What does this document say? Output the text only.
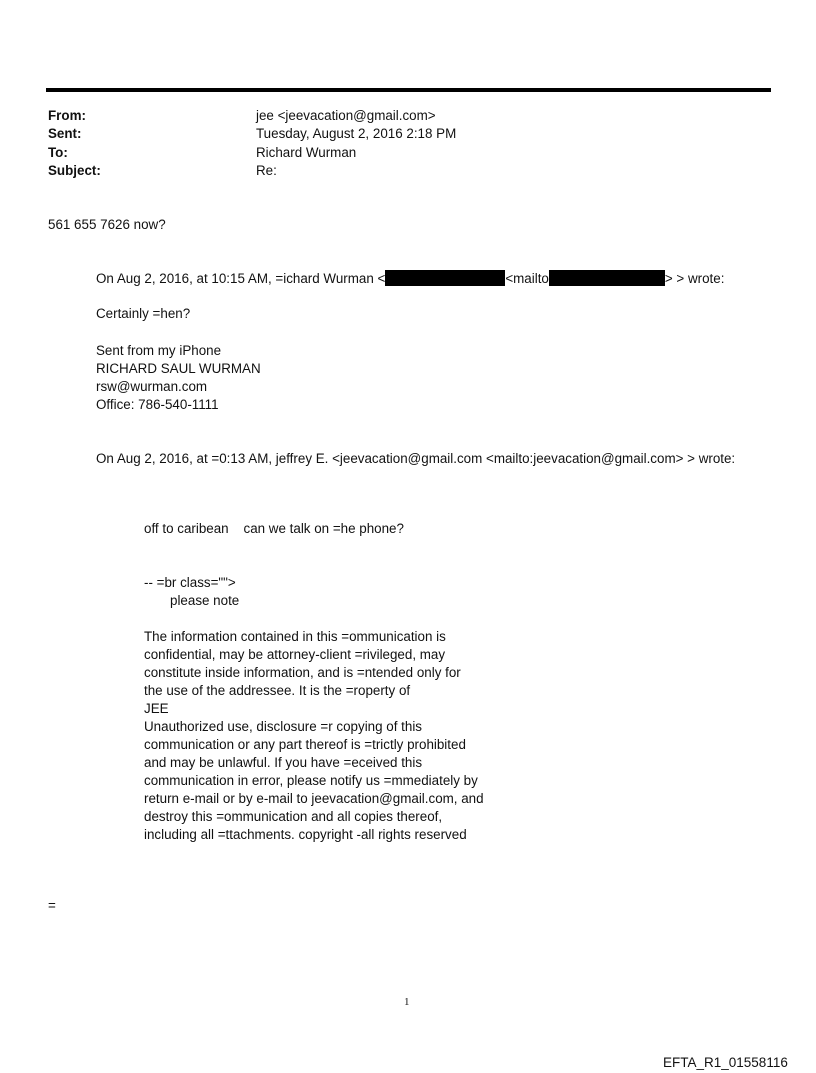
From:	jee <jeevacation@gmail.com>
Sent:	Tuesday, August 2, 2016 2:18 PM
To:	Richard Wurman
Subject:	Re:
561 655 7626 now?
On Aug 2, 2016, at 10:15 AM, =ichard Wurman <	<mailto	> > wrote:
Certainly =hen?
Sent from my iPhone
RICHARD SAUL WURMAN
rsw@wurman.com
Office: 786-540-1111
On Aug 2, 2016, at =0:13 AM, jeffrey E. <jeevacation@gmail.com <mailto:jeevacation@gmail.com> > wrote:
off to caribean    can we talk on =he phone?
-- =br class="">
please note
The information contained in this =ommunication is
confidential, may be attorney-client =rivileged, may
constitute inside information, and is =ntended only for
the use of the addressee. It is the =roperty of
JEE
Unauthorized use, disclosure =r copying of this
communication or any part thereof is =trictly prohibited
and may be unlawful. If you have =eceived this
communication in error, please notify us =mmediately by
return e-mail or by e-mail to jeevacation@gmail.com, and
destroy this =ommunication and all copies thereof,
including all =ttachments. copyright -all rights reserved
=
1
EFTA_R1_01558116
